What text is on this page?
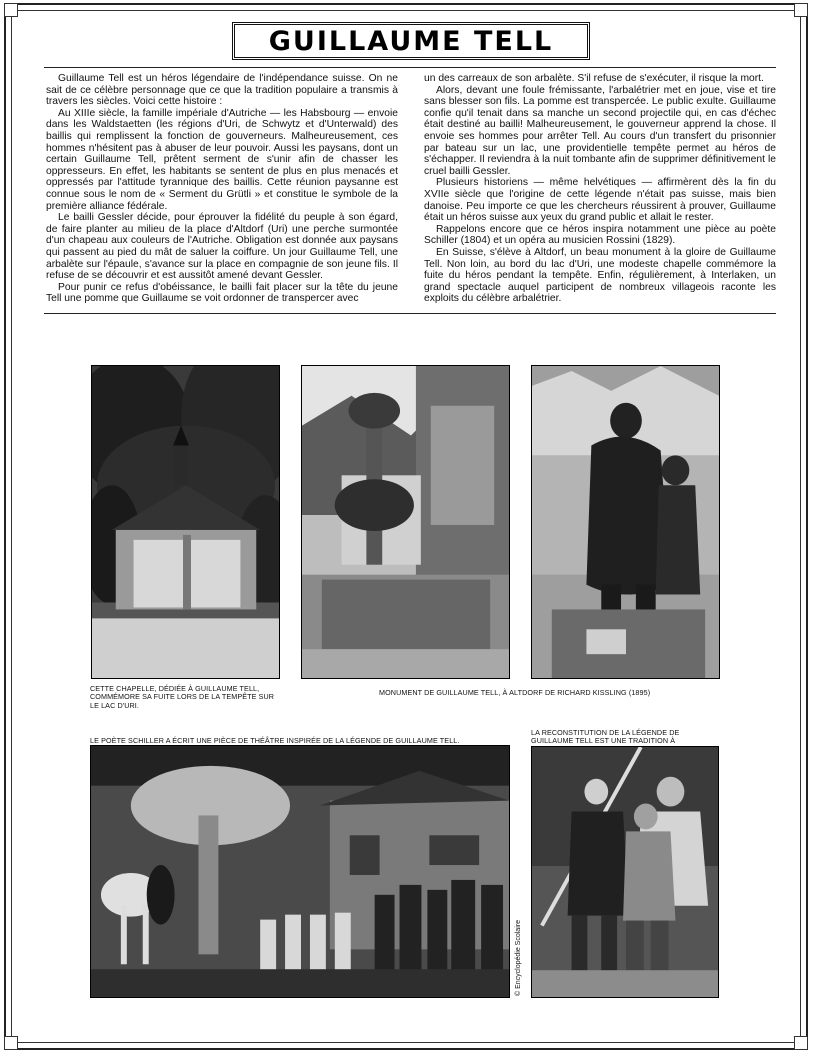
GUILLAUME TELL

Guillaume Tell est un héros légendaire de l'indépendance suisse. On ne sait de ce célèbre personnage que ce que la tradition populaire a transmis à travers les siècles. Voici cette histoire :

Au XIIIe siècle, la famille impériale d'Autriche — les Habsbourg — envoie dans les Waldstaetten (les régions d'Uri, de Schwytz et d'Unterwald) des baillis qui remplissent la fonction de gouverneurs. Malheureusement, ces hommes n'hésitent pas à abuser de leur pouvoir. Aussi les paysans, dont un certain Guillaume Tell, prêtent serment de s'unir afin de chasser les oppresseurs. En effet, les habitants se sentent de plus en plus menacés et oppressés par l'attitude tyrannique des baillis. Cette réunion paysanne est connue sous le nom de « Serment du Grütli » et constitue le symbole de la première alliance fédérale.

Le bailli Gessler décide, pour éprouver la fidélité du peuple à son égard, de faire planter au milieu de la place d'Altdorf (Uri) une perche surmontée d'un chapeau aux couleurs de l'Autriche. Obligation est donnée aux paysans qui passent au pied du mât de saluer la coiffure. Un jour Guillaume Tell, une arbalète sur l'épaule, s'avance sur la place en compagnie de son jeune fils. Il refuse de se découvrir et est aussitôt amené devant Gessler.

Pour punir ce refus d'obéissance, le bailli fait placer sur la tête du jeune Tell une pomme que Guillaume se voit ordonner de transpercer avec

un des carreaux de son arbalète. S'il refuse de s'exécuter, il risque la mort.

Alors, devant une foule frémissante, l'arbalétrier met en joue, vise et tire sans blesser son fils. La pomme est transpercée. Le public exulte. Guillaume confie qu'il tenait dans sa manche un second projectile qui, en cas d'échec était destiné au bailli! Malheureusement, le gouverneur apprend la chose. Il envoie ses hommes pour arrêter Tell. Au cours d'un transfert du prisonnier par bateau sur un lac, une providentielle tempête permet au héros de s'échapper. Il reviendra à la nuit tombante afin de supprimer définitivement le cruel bailli Gessler.

Plusieurs historiens — même helvétiques — affirmèrent dès la fin du XVIIe siècle que l'origine de cette légende n'était pas suisse, mais bien danoise. Peu importe ce que les chercheurs réussirent à prouver, Guillaume était un héros suisse aux yeux du grand public et allait le rester.

Rappelons encore que ce héros inspira notamment une pièce au poète Schiller (1804) et un opéra au musicien Rossini (1829).

En Suisse, s'élève à Altdorf, un beau monument à la gloire de Guillaume Tell. Non loin, au bord du lac d'Uri, une modeste chapelle commémore la fuite du héros pendant la tempête. Enfin, régulièrement, à Interlaken, un grand spectacle auquel participent de nombreux villageois raconte les exploits du célèbre arbalétrier.

CETTE CHAPELLE, DÉDIÉE À GUILLAUME TELL, COMMÉMORE SA FUITE LORS DE LA TEMPÊTE SUR LE LAC D'URI.
MONUMENT DE GUILLAUME TELL, À ALTDORF DE RICHARD KISSLING (1895)
LE POÈTE SCHILLER A ÉCRIT UNE PIÈCE DE THÉÂTRE INSPIRÉE DE LA LÉGENDE DE GUILLAUME TELL.
LA RECONSTITUTION DE LA LÉGENDE DE GUILLAUME TELL EST UNE TRADITION À
© Encyclopédie Scolaire
